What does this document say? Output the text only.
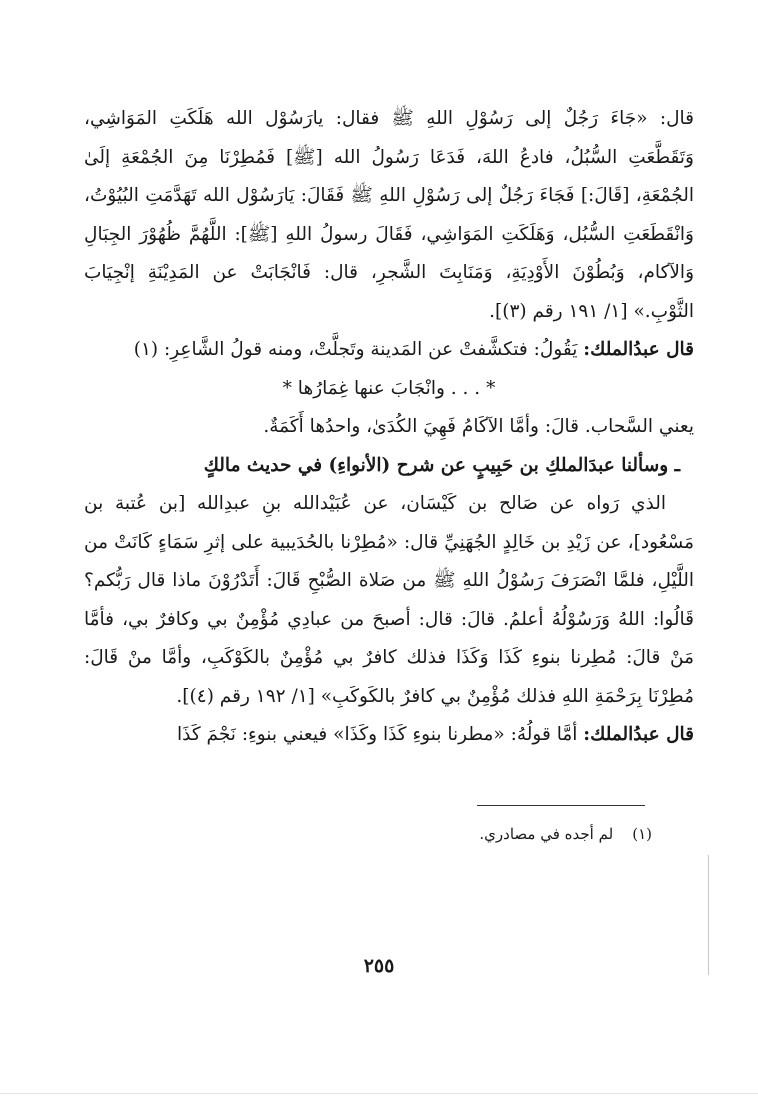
قال: «جَاءَ رَجُلٌ إلى رَسُوْلِ اللهِ ﷺ فقال: يارَسُوْل الله هَلَكَتِ المَوَاشِي، وَتَقَطَّعَتِ السُّبُلُ، فادعُ اللهَ، فَدَعَا رَسُولُ الله [ﷺ] فَمُطِرْنَا مِنَ الجُمْعَةِ إلَىٰ الجُمْعَةِ، [قَالَ:] فَجَاءَ رَجُلٌ إلى رَسُوْلِ اللهِ ﷺ فَقَالَ: يَارَسُوْل الله تَهَدَّمَتِ البُيُوْتُ، وَانْقَطَعَتِ السُّبُل، وَهَلَكَتِ المَوَاشِي، فَقَالَ رسولُ اللهِ [ﷺ]: اللَّهُمَّ ظُهُوْرَ الجِبَالِ وَالآكام، وَبُطُوْنَ الأَوْدِيَةِ، وَمَنَابِتَ الشَّجرِ، قال: فَانْجَابَتْ عن المَدِيْنَةِ إنْجِيَابَ الثَّوْبِ.» [١/ ١٩١ رقم (٣)].

قال عبدُالملك: يَقُولُ: فتكشَّفتْ عن المَدينة وتَجلَّتْ، ومنه قولُ الشَّاعِرِ: (١)

* . . . وانْجَابَ عنها غِمَارُها *

يعني السَّحاب. قالَ: وأمَّا الآكَامُ فَهِيَ الكُدَىٰ، واحدُها أَكَمَةٌ.

ـ وسألنا عبدَالملكِ بن حَبِيبٍ عن شرح (الأنواءِ) في حديث مالكٍ

الذي رَواه عن صَالح بن كَيْسَان، عن عُبَيْدالله بنِ عبدِالله [بن عُتبة بن مَسْعُود]، عن زَيْدِ بن خَالِدٍ الجُهَنِيِّ قال: «مُطِرْنا بالحُدَيبية على إثرِ سَمَاءٍ كَانَتْ من اللَّيْلِ، فلمَّا انْصَرَفَ رَسُوْلُ اللهِ ﷺ من صَلاة الصُّبْحِ قَالَ: أَتَدْرُوْنَ ماذا قال رَبُّكم؟ قَالُوا: اللهُ وَرَسُوْلُهُ أعلمُ. قالَ: قال: أصبحَ من عبادِي مُؤْمِنٌ بي وكافرٌ بي، فأمَّا مَنْ قالَ: مُطِرنا بنوءِ كَذَا وَكَذَا فذلك كافرٌ بي مُؤْمِنٌ بالكَوْكَبِ، وأمَّا منْ قَالَ: مُطِرْنَا بِرَحْمَةِ اللهِ فذلك مُؤْمِنٌ بي كافرٌ بالكَوكَبِ» [١/ ١٩٢ رقم (٤)].

قال عبدُالملك: أمَّا قولُهُ: «مطرنا بنوءِ كَذَا وكَذَا» فيعني بنوءِ: نَجْمَ كَذَا

(١)    لم أجده في مصادري.
٢٥٥
